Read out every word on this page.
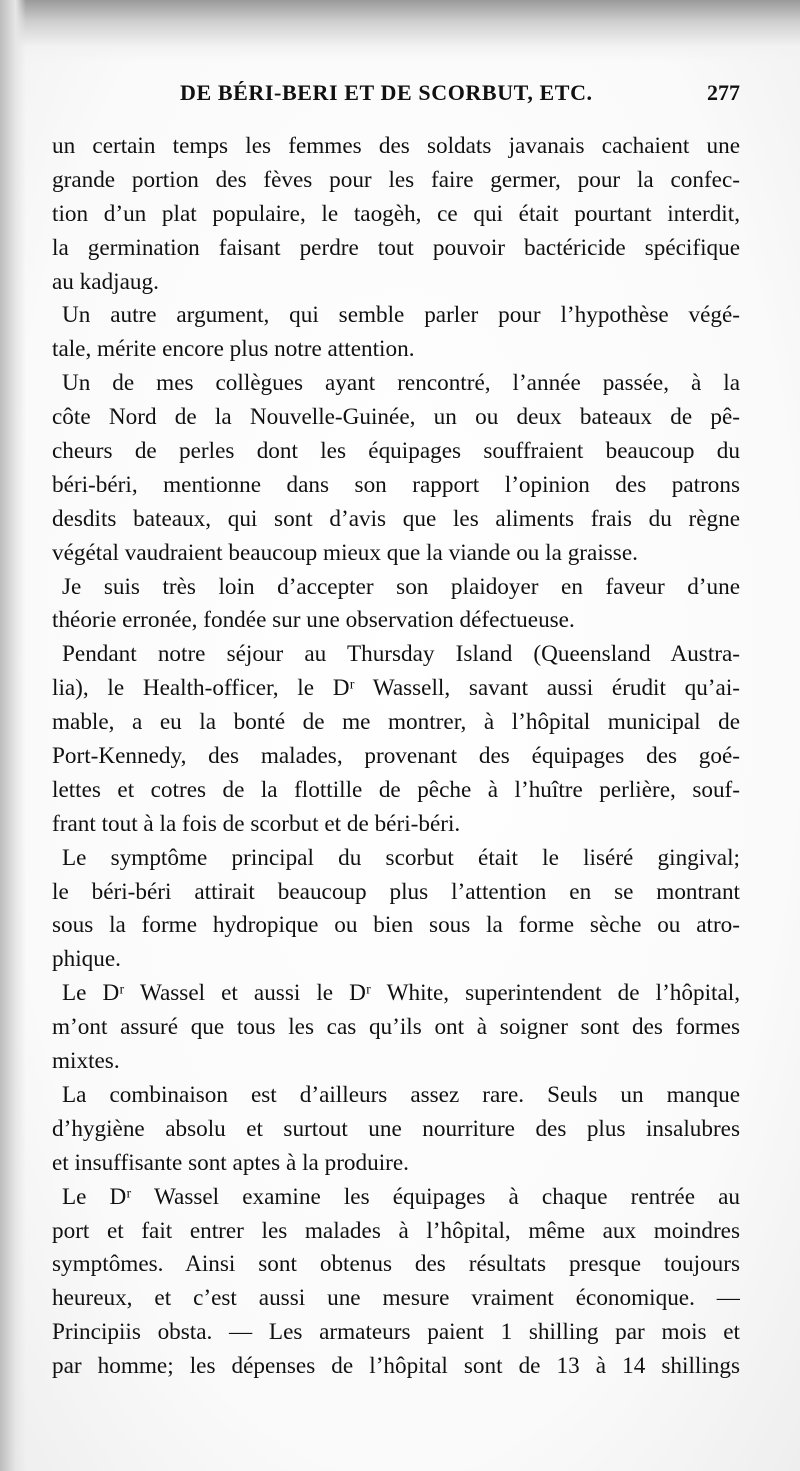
DE BÉRI-BERI ET DE SCORBUT, ETC.	277
un certain temps les femmes des soldats javanais cachaient une
grande portion des fèves pour les faire germer, pour la confec-
tion d’un plat populaire, le taogèh, ce qui était pourtant interdit,
la germination faisant perdre tout pouvoir bactéricide spécifique
au kadjaug.
Un autre argument, qui semble parler pour l’hypothèse végé-
tale, mérite encore plus notre attention.
Un de mes collègues ayant rencontré, l’année passée, à la
côte Nord de la Nouvelle-Guinée, un ou deux bateaux de pê-
cheurs de perles dont les équipages souffraient beaucoup du
béri-béri, mentionne dans son rapport l’opinion des patrons
desdits bateaux, qui sont d’avis que les aliments frais du règne
végétal vaudraient beaucoup mieux que la viande ou la graisse.
Je suis très loin d’accepter son plaidoyer en faveur d’une
théorie erronée, fondée sur une observation défectueuse.
Pendant notre séjour au Thursday Island (Queensland Austra-
lia), le Health-officer, le Dʳ Wassell, savant aussi érudit qu’ai-
mable, a eu la bonté de me montrer, à l’hôpital municipal de
Port-Kennedy, des malades, provenant des équipages des goé-
lettes et cotres de la flottille de pêche à l’huître perlière, souf-
frant tout à la fois de scorbut et de béri-béri.
Le symptôme principal du scorbut était le liséré gingival;
le béri-béri attirait beaucoup plus l’attention en se montrant
sous la forme hydropique ou bien sous la forme sèche ou atro-
phique.
Le Dʳ Wassel et aussi le Dʳ White, superintendent de l’hôpital,
m’ont assuré que tous les cas qu’ils ont à soigner sont des formes
mixtes.
La combinaison est d’ailleurs assez rare. Seuls un manque
d’hygiène absolu et surtout une nourriture des plus insalubres
et insuffisante sont aptes à la produire.
Le Dʳ Wassel examine les équipages à chaque rentrée au
port et fait entrer les malades à l’hôpital, même aux moindres
symptômes. Ainsi sont obtenus des résultats presque toujours
heureux, et c’est aussi une mesure vraiment économique. —
Principiis obsta. — Les armateurs paient 1 shilling par mois et
par homme; les dépenses de l’hôpital sont de 13 à 14 shillings
